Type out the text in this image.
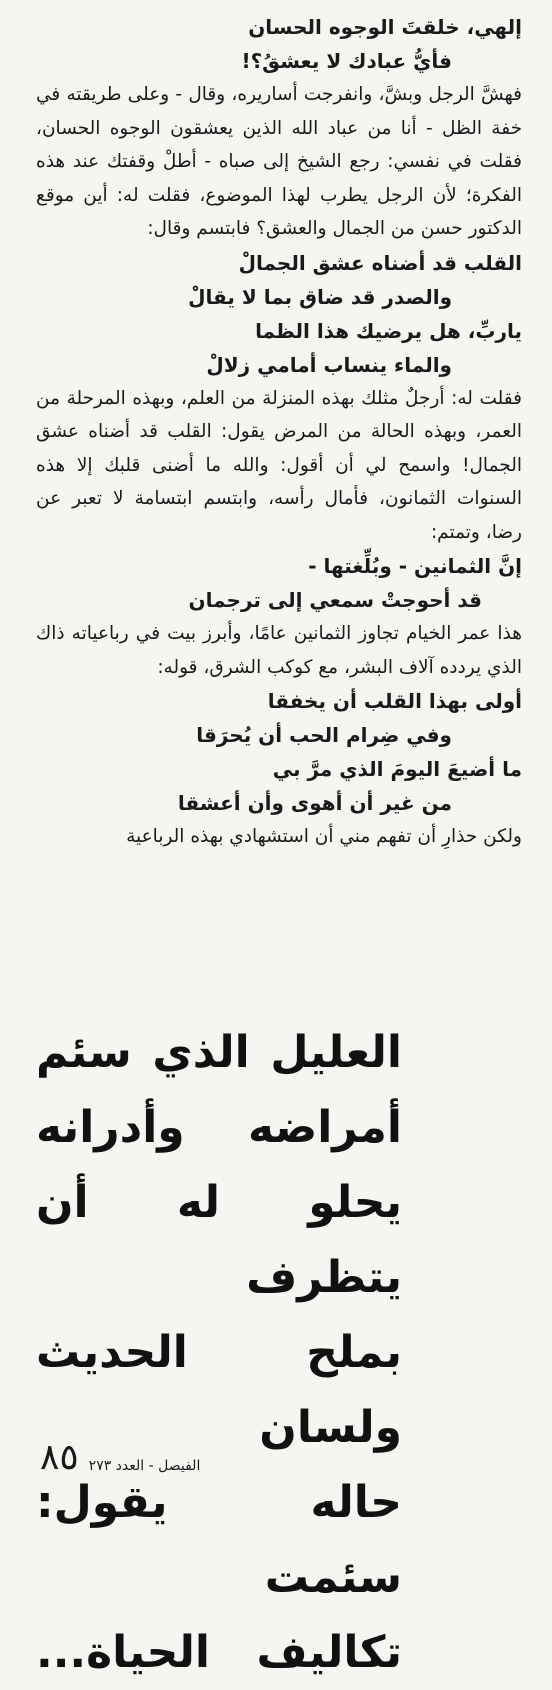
إلهي، خلقتَ الوجوه الحسان

فأيُّ عبادك لا يعشقُ؟!

فهشَّ الرجل وبشَّ، وانفرجت أساريره، وقال - وعلى طريقته في خفة الظل - أنا من عباد الله الذين يعشقون الوجوه الحسان، فقلت في نفسي: رجع الشيخ إلى صباه - أطلْ وقفتك عند هذه الفكرة؛ لأن الرجل يطرب لهذا الموضوع، فقلت له: أين موقع الدكتور حسن من الجمال والعشق؟ فابتسم وقال:

القلب قد أضناه عشق الجمالْ

والصدر قد ضاق بما لا يقالْ

ياربِّ، هل يرضيك هذا الظما

والماء ينساب أمامي زلالْ

فقلت له: أرجلٌ مثلك بهذه المنزلة من العلم، وبهذه المرحلة من العمر، وبهذه الحالة من المرض يقول: القلب قد أضناه عشق الجمال! واسمح لي أن أقول: والله ما أضنى قلبك إلا هذه السنوات الثمانون، فأمال رأسه، وابتسم ابتسامة لا تعبر عن رضا، وتمتم:

إنَّ الثمانين - وبُلِّغتها -

قد أحوجتْ سمعي إلى ترجمان

هذا عمر الخيام تجاوز الثمانين عامًا، وأبرز بيت في رباعياته ذاك الذي يردده آلاف البشر، مع كوكب الشرق، قوله:

أولى بهذا القلب أن يخفقا

وفي ضِرام الحب أن يُحرَقا

ما أضيعَ اليومَ الذي مرَّ بي

من غير أن أهوى وأن أعشقا

ولكن حذارِ أن تفهم مني أن استشهادي بهذه الرباعية

العليل الذي سئم

أمراضه وأدرانه

يحلو له أن يتظرف

بملح الحديث ولسان

حاله يقول: سئمت

تكاليف الحياة...

٨٥ الفيصل - العدد ٢٧٣
